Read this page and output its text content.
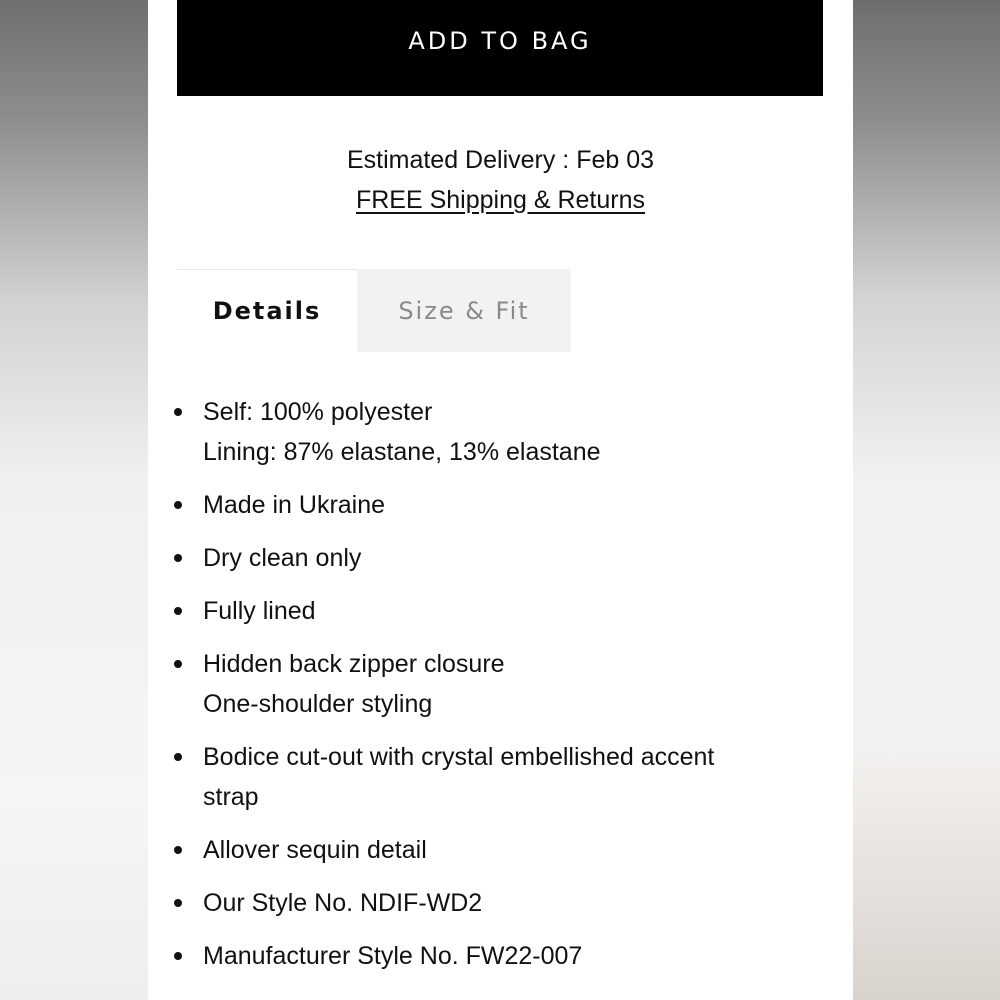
ADD TO BAG
Estimated Delivery : Feb 03
FREE Shipping & Returns
Details	Size & Fit
Self: 100% polyester
Lining: 87% elastane, 13% elastane
Made in Ukraine
Dry clean only
Fully lined
Hidden back zipper closure
One-shoulder styling
Bodice cut-out with crystal embellished accent
strap
Allover sequin detail
Our Style No. NDIF-WD2
Manufacturer Style No. FW22-007
